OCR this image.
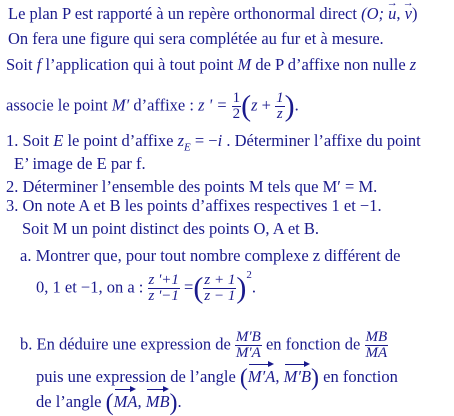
Le plan P est rapporté à un repère orthonormal direct (O; → u, → v)
On fera une figure qui sera complétée au fur et à mesure.
Soit f l’application qui à tout point M de P d’affixe non nulle z
associe le point M′ d’affixe : z ' = $\frac{1}{2} (z + \frac{1}{z}$ ).
1. Soit E le point d’affixe $z_E = -i$ . Déterminer l’affixe du point
E’ image de E par f.
2. Déterminer l’ensemble des points M tels que M′ = M.
3. On note A et B les points d’affixes respectives 1 et −1.
Soit M un point distinct des points O, A et B.
a. Montrer que, pour tout nombre complexe z différent de
0, 1 et −1, on a : $\frac{z '+1}{z '-1}$ =( $\frac{z + 1}{z - 1} )^2$.
b. En déduire une expression de $\frac{M'B}{M'A}$ en fonction de $\frac{MB}{MA}$
puis une expression de l’angle (M′A, M′B) en fonction
de l’angle (MA, MB).
